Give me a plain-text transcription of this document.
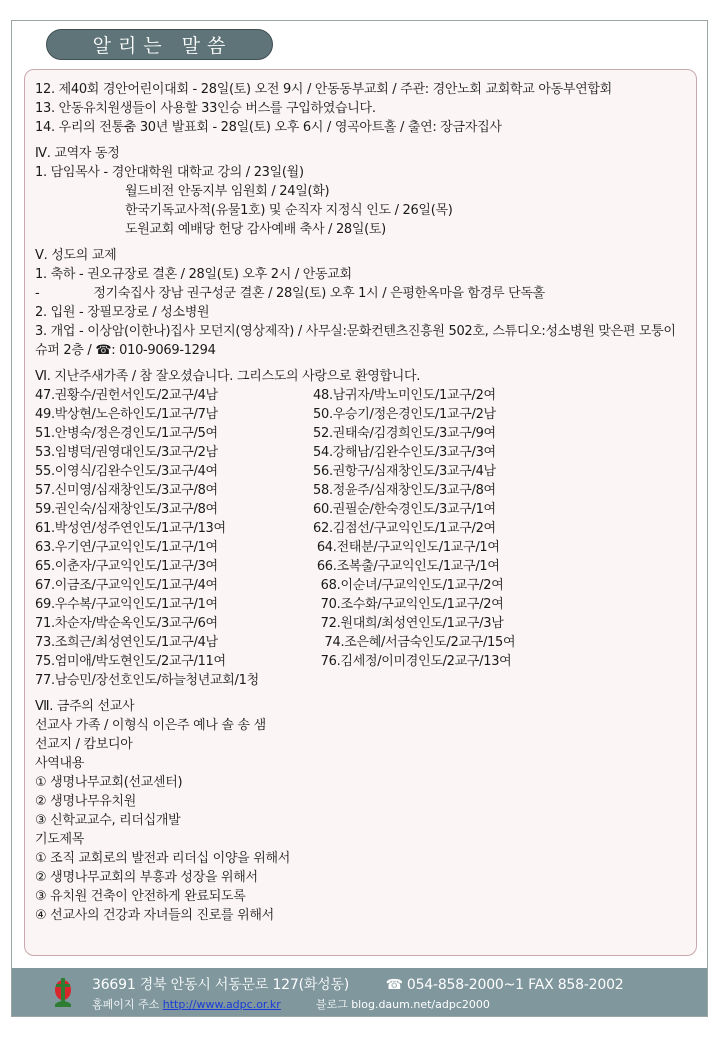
알리는 말씀
12. 제40회 경안어린이대회 - 28일(토) 오전 9시 / 안동동부교회 / 주관: 경안노회 교회학교 아동부연합회
13. 안동유치원생들이 사용할 33인승 버스를 구입하였습니다.
14. 우리의 전통춤 30년 발표회 - 28일(토) 오후 6시 / 영곡아트홀 / 출연: 장금자집사
Ⅳ. 교역자 동정
1. 담임목사 - 경안대학원 대학교 강의 / 23일(월)
월드비전 안동지부 임원회 / 24일(화)
한국기독교사적(유물1호) 및 순직자 지정식 인도 / 26일(목)
도원교회 예배당 헌당 감사예배 축사 / 28일(토)
Ⅴ. 성도의 교제
1. 축하 - 권오규장로 결혼 / 28일(토) 오후 2시 / 안동교회
-	정기숙집사 장남 권구성군 결혼 / 28일(토) 오후 1시 / 은평한옥마을 함경루 단독홀
2. 입원 - 장필모장로 / 성소병원
3. 개업 - 이상암(이한나)집사 모던지(영상제작) / 사무실:문화컨텐츠진흥원 502호, 스튜디오:성소병원 맞은편 모퉁이슈퍼 2층 / ☎: 010-9069-1294
Ⅵ. 지난주새가족 / 참 잘오셨습니다. 그리스도의 사랑으로 환영합니다.
47.권황수/권헌서인도/2교구/4남	48.남귀자/박노미인도/1교구/2여
49.박상현/노은하인도/1교구/7남	50.우승기/정은경인도/1교구/2남
51.안병숙/정은경인도/1교구/5여	52.권태숙/김경희인도/3교구/9여
53.임병덕/권영대인도/3교구/2남	54.강해남/김완수인도/3교구/3여
55.이영식/김완수인도/3교구/4여	56.권항구/심재창인도/3교구/4남
57.신미영/심재창인도/3교구/8여	58.정윤주/심재창인도/3교구/8여
59.권인숙/심재창인도/3교구/8여	60.권필순/한숙경인도/3교구/1여
61.박성연/성주연인도/1교구/13여	62.김점선/구교익인도/1교구/2여
63.우기연/구교익인도/1교구/1여	64.전태분/구교익인도/1교구/1여
65.이춘자/구교익인도/1교구/3여	66.조복출/구교익인도/1교구/1여
67.이금조/구교익인도/1교구/4여	68.이순녀/구교익인도/1교구/2여
69.우수복/구교익인도/1교구/1여	70.조수화/구교익인도/1교구/2여
71.차순자/박순옥인도/3교구/6여	72.원대희/최성연인도/1교구/3남
73.조희근/최성연인도/1교구/4남	74.조은혜/서금숙인도/2교구/15여
75.엄미애/박도현인도/2교구/11여	76.김세정/이미경인도/2교구/13여
77.남승민/장선호인도/하늘청년교회/1청
Ⅶ. 금주의 선교사
선교사 가족 / 이형식 이은주 예나 솔 송 샘
선교지 / 캄보디아
사역내용
① 생명나무교회(선교센터)
② 생명나무유치원
③ 신학교교수, 리더십개발
기도제목
① 조직 교회로의 발전과 리더십 이양을 위해서
② 생명나무교회의 부흥과 성장을 위해서
③ 유치원 건축이 안전하게 완료되도록
④ 선교사의 건강과 자녀들의 진로를 위해서
36691 경북 안동시 서동문로 127(화성동)	☎ 054-858-2000~1 FAX 858-2002
홈페이지 주소 http://www.adpc.or.kr	블로그 blog.daum.net/adpc2000
